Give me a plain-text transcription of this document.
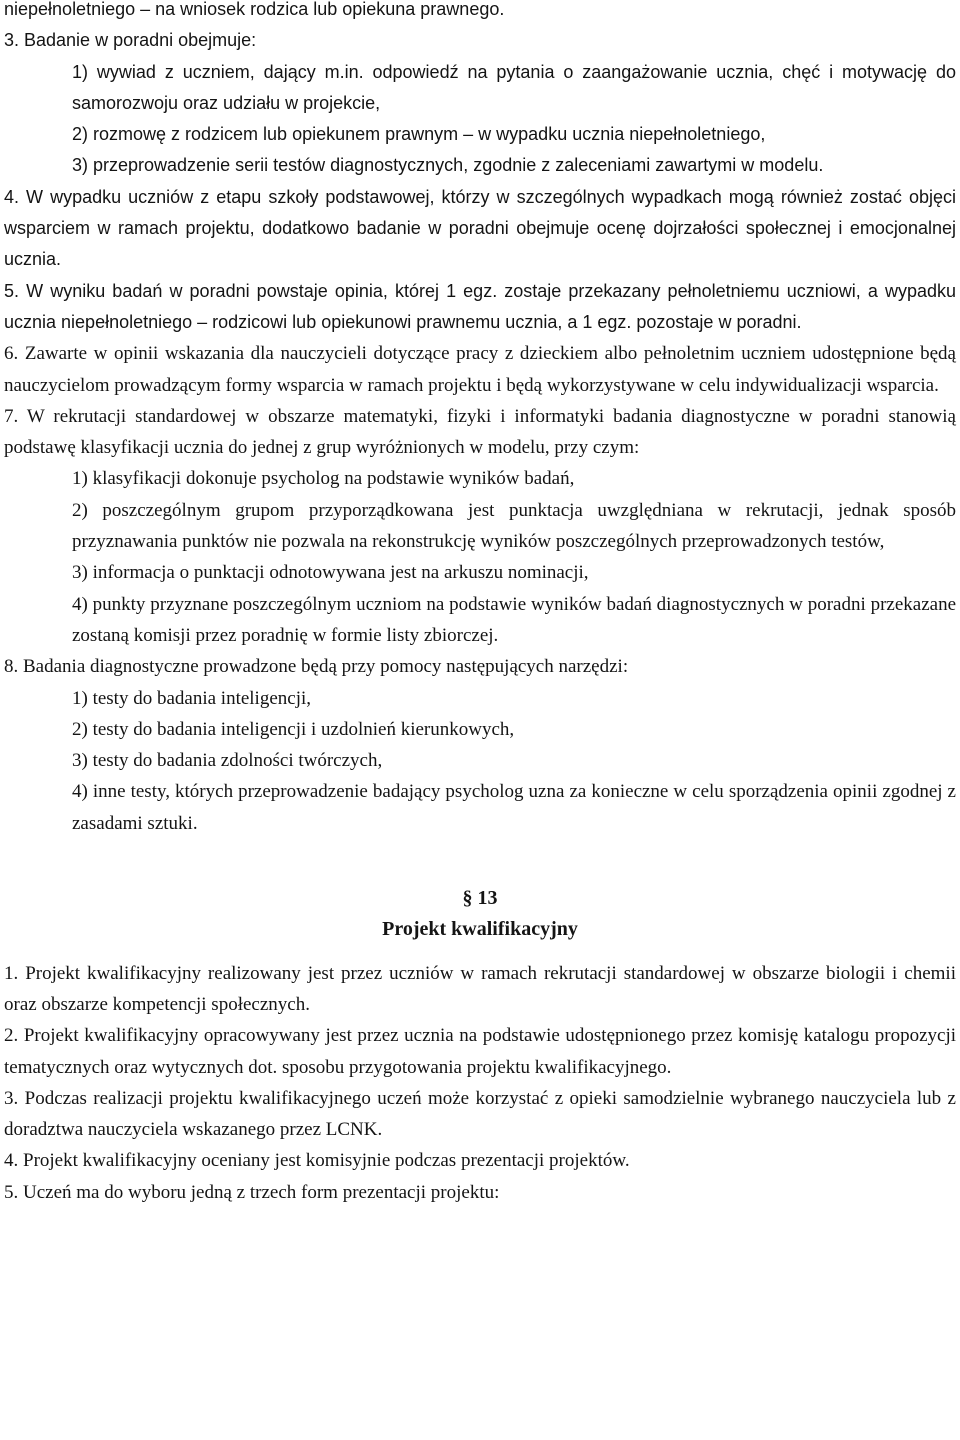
niepełnoletniego – na wniosek rodzica lub opiekuna prawnego.

3. Badanie w poradni obejmuje:

1) wywiad z uczniem, dający m.in. odpowiedź na pytania o zaangażowanie ucznia, chęć i motywację do samorozwoju oraz udziału w projekcie,

2) rozmowę z rodzicem lub opiekunem prawnym – w wypadku ucznia niepełnoletniego,

3) przeprowadzenie serii testów diagnostycznych, zgodnie z zaleceniami zawartymi w modelu.

4. W wypadku uczniów z etapu szkoły podstawowej, którzy w szczególnych wypadkach mogą również zostać objęci wsparciem w ramach projektu, dodatkowo badanie w poradni obejmuje ocenę dojrzałości społecznej i emocjonalnej ucznia.

5. W wyniku badań w poradni powstaje opinia, której 1 egz. zostaje przekazany pełnoletniemu uczniowi, a wypadku ucznia niepełnoletniego – rodzicowi lub opiekunowi prawnemu ucznia, a 1 egz. pozostaje w poradni.

6. Zawarte w opinii wskazania dla nauczycieli dotyczące pracy z dzieckiem albo pełnoletnim uczniem udostępnione będą nauczycielom prowadzącym formy wsparcia w ramach projektu i będą wykorzystywane w celu indywidualizacji wsparcia.

7. W rekrutacji standardowej w obszarze matematyki, fizyki i informatyki badania diagnostyczne w poradni stanowią podstawę klasyfikacji ucznia do jednej z grup wyróżnionych w modelu, przy czym:

1) klasyfikacji dokonuje psycholog na podstawie wyników badań,

2) poszczególnym grupom przyporządkowana jest punktacja uwzględniana w rekrutacji, jednak sposób przyznawania punktów nie pozwala na rekonstrukcję wyników poszczególnych przeprowadzonych testów,

3) informacja o punktacji odnotowywana jest na arkuszu nominacji,

4) punkty przyznane poszczególnym uczniom na podstawie wyników badań diagnostycznych w poradni przekazane zostaną komisji przez poradnię w formie listy zbiorczej.

8. Badania diagnostyczne prowadzone będą przy pomocy następujących narzędzi:

1) testy do badania inteligencji,

2) testy do badania inteligencji i uzdolnień kierunkowych,

3) testy do badania zdolności twórczych,

4) inne testy, których przeprowadzenie badający psycholog uzna za konieczne w celu sporządzenia opinii zgodnej z zasadami sztuki.

§ 13

Projekt kwalifikacyjny

1. Projekt kwalifikacyjny realizowany jest przez uczniów w ramach rekrutacji standardowej w obszarze biologii i chemii oraz obszarze kompetencji społecznych.

2. Projekt kwalifikacyjny opracowywany jest przez ucznia na podstawie udostępnionego przez komisję katalogu propozycji tematycznych oraz wytycznych dot. sposobu przygotowania projektu kwalifikacyjnego.

3. Podczas realizacji projektu kwalifikacyjnego uczeń może korzystać z opieki samodzielnie wybranego nauczyciela lub z doradztwa nauczyciela wskazanego przez LCNK.

4. Projekt kwalifikacyjny oceniany jest komisyjnie podczas prezentacji projektów.

5. Uczeń ma do wyboru jedną z trzech form prezentacji projektu:
